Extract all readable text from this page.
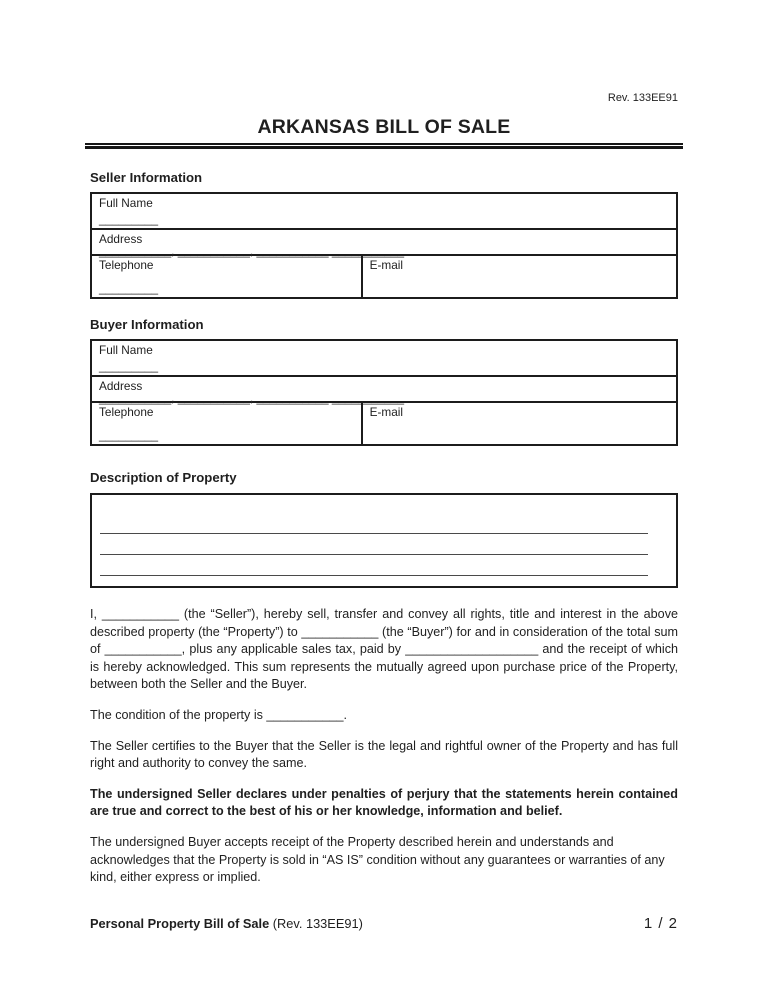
Rev. 133EE91
ARKANSAS BILL OF SALE
Seller Information
Full Name
_________
Address
___________, ___________, ___________ ___________
Telephone
_________
E-mail
Buyer Information
Full Name
_________
Address
___________, ___________, ___________ ___________
Telephone
_________
E-mail
Description of Property

I, ___________ (the “Seller”), hereby sell, transfer and convey all rights, title and interest in the above described property (the “Property”) to ___________ (the “Buyer”) for and in consideration of the total sum of ___________, plus any applicable sales tax, paid by ___________________ and the receipt of which is hereby acknowledged. This sum represents the mutually agreed upon purchase price of the Property, between both the Seller and the Buyer.

The condition of the property is ___________.

The Seller certifies to the Buyer that the Seller is the legal and rightful owner of the Property and has full right and authority to convey the same.

The undersigned Seller declares under penalties of perjury that the statements herein contained are true and correct to the best of his or her knowledge, information and belief.

The undersigned Buyer accepts receipt of the Property described herein and understands and acknowledges that the Property is sold in “AS IS” condition without any guarantees or warranties of any kind, either express or implied.

Personal Property Bill of Sale (Rev. 133EE91)	1 / 2
